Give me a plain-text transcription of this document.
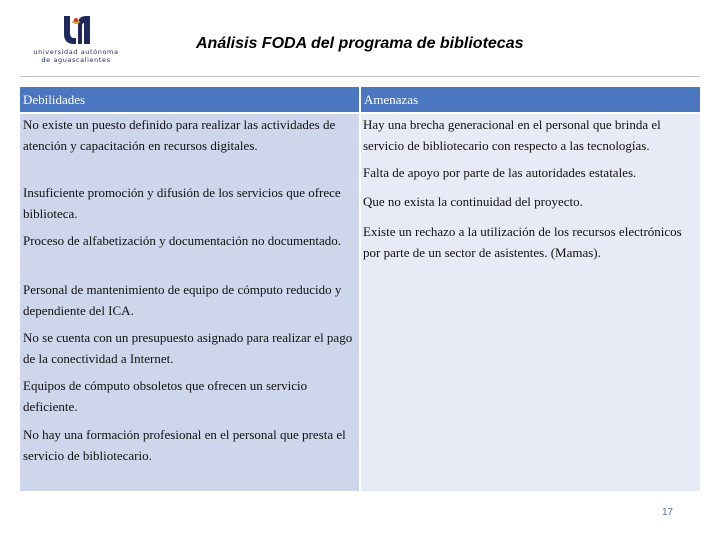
universidad autónoma
de aguascalientes
Análisis FODA del programa de bibliotecas
Debilidades	Amenazas
No existe un puesto definido para realizar las actividades de atención y capacitación en recursos digitales.
Insuficiente promoción y difusión de los servicios que ofrece biblioteca.
Proceso de alfabetización y documentación no documentado.
Personal de mantenimiento de equipo de cómputo reducido y dependiente del ICA.
No se cuenta con un presupuesto asignado para realizar el pago de la conectividad a Internet.
Equipos de cómputo obsoletos que ofrecen un servicio deficiente.
No hay una formación profesional en el personal que presta el servicio de bibliotecario.
Hay una brecha generacional en el personal que brinda el servicio de bibliotecario con respecto a las tecnologías.
Falta de apoyo por parte de las autoridades estatales.
Que no exista la continuidad del proyecto.
Existe un rechazo a la utilización de los recursos electrónicos por parte de un sector de asistentes. (Mamas).
17
